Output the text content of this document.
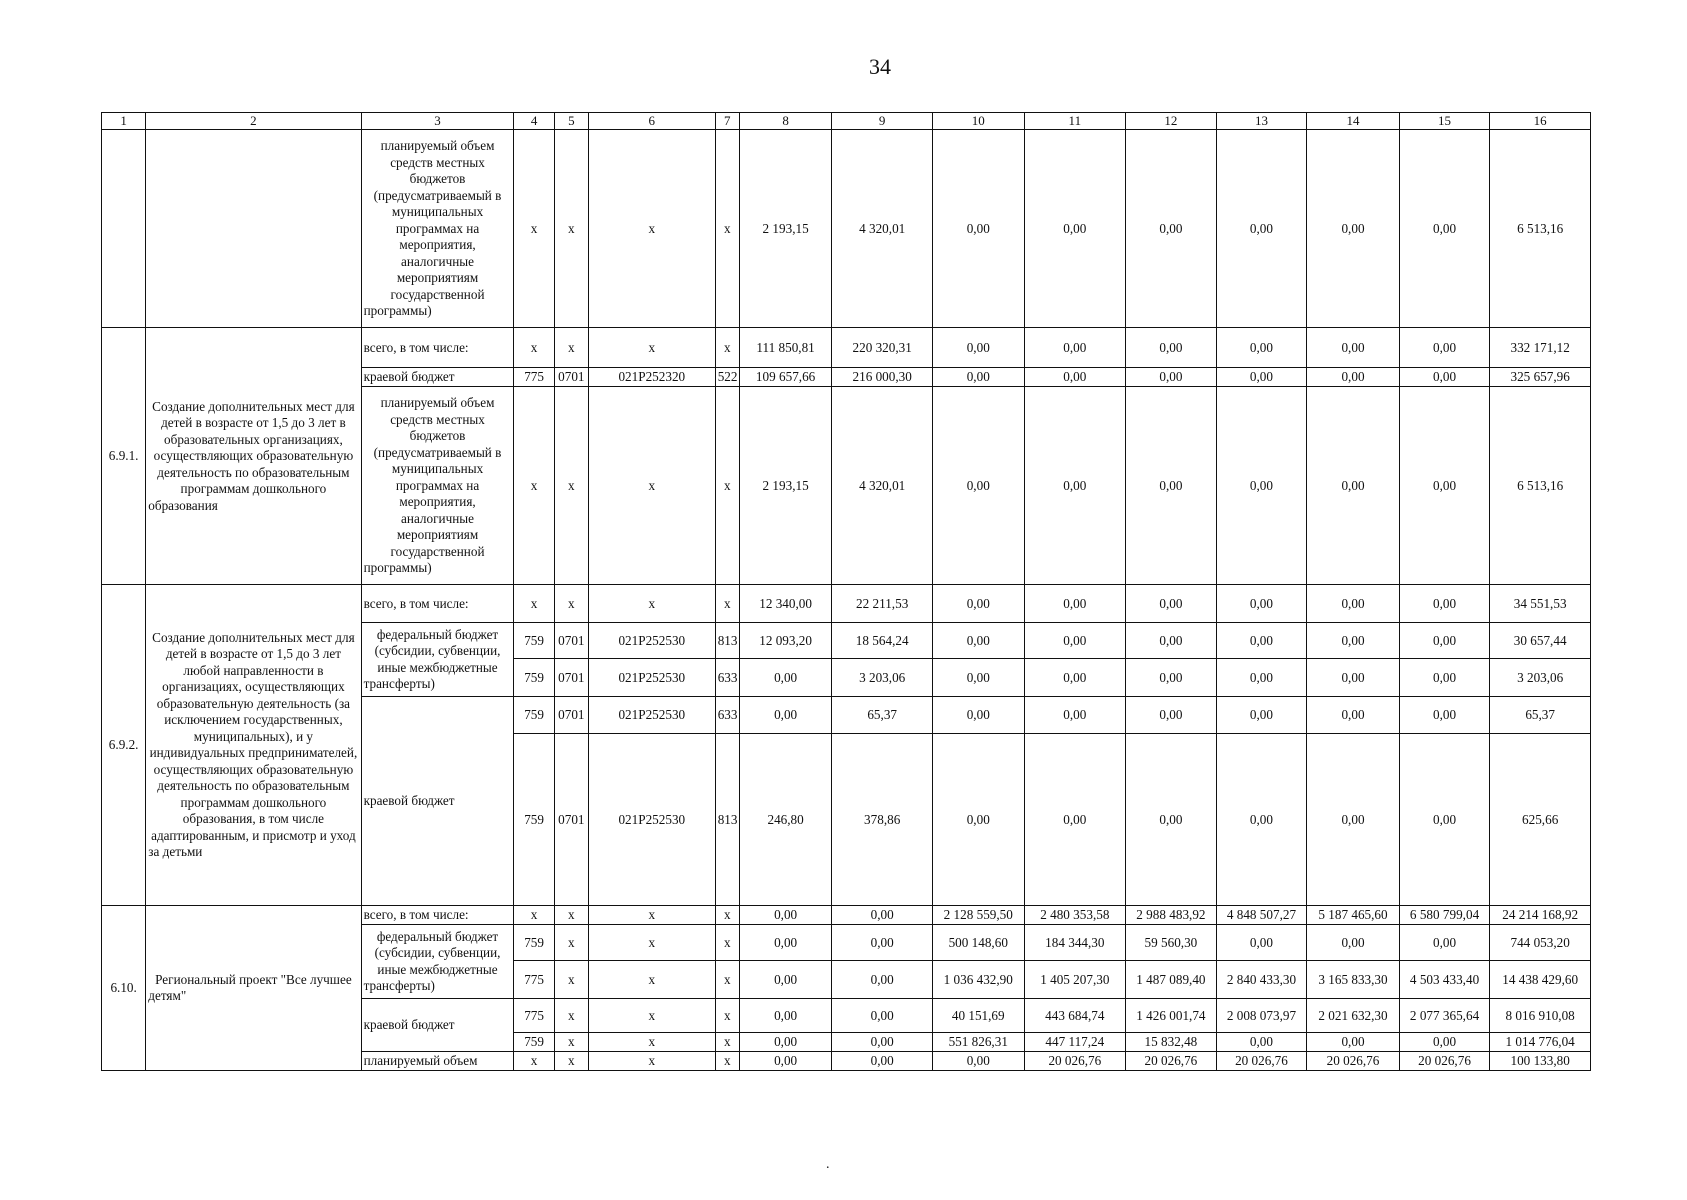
34
1	2	3	4	5	6	7	8	9	10	11	12	13	14	15	16
		планируемый объем средств местных бюджетов (предусматриваемый в муниципальных программах на мероприятия, аналогичные мероприятиям государственной программы)	x	x	x	x	2 193,15	4 320,01	0,00	0,00	0,00	0,00	0,00	0,00	6 513,16
6.9.1.	Создание дополнительных мест для детей в возрасте от 1,5 до 3 лет в образовательных организациях, осуществляющих образовательную деятельность по образовательным программам дошкольного образования	всего, в том числе:	x	x	x	x	111 850,81	220 320,31	0,00	0,00	0,00	0,00	0,00	0,00	332 171,12
		краевой бюджет	775	0701	021P252320	522	109 657,66	216 000,30	0,00	0,00	0,00	0,00	0,00	0,00	325 657,96
		планируемый объем средств местных бюджетов (предусматриваемый в муниципальных программах на мероприятия, аналогичные мероприятиям государственной программы)	x	x	x	x	2 193,15	4 320,01	0,00	0,00	0,00	0,00	0,00	0,00	6 513,16
6.9.2.	Создание дополнительных мест для детей в возрасте от 1,5 до 3 лет любой направленности в организациях, осуществляющих образовательную деятельность (за исключением государственных, муниципальных), и у индивидуальных предпринимателей, осуществляющих образовательную деятельность по образовательным программам дошкольного образования, в том числе адаптированным, и присмотр и уход за детьми	всего, в том числе:	x	x	x	x	12 340,00	22 211,53	0,00	0,00	0,00	0,00	0,00	0,00	34 551,53
		федеральный бюджет (субсидии, субвенции, иные межбюджетные трансферты)	759	0701	021P252530	813	12 093,20	18 564,24	0,00	0,00	0,00	0,00	0,00	0,00	30 657,44
			759	0701	021P252530	633	0,00	3 203,06	0,00	0,00	0,00	0,00	0,00	0,00	3 203,06
		краевой бюджет	759	0701	021P252530	633	0,00	65,37	0,00	0,00	0,00	0,00	0,00	0,00	65,37
			759	0701	021P252530	813	246,80	378,86	0,00	0,00	0,00	0,00	0,00	0,00	625,66
6.10.	Региональный проект "Все лучшее детям"	всего, в том числе:	x	x	x	x	0,00	0,00	2 128 559,50	2 480 353,58	2 988 483,92	4 848 507,27	5 187 465,60	6 580 799,04	24 214 168,92
		федеральный бюджет (субсидии, субвенции, иные межбюджетные трансферты)	759	x	x	x	0,00	0,00	500 148,60	184 344,30	59 560,30	0,00	0,00	0,00	744 053,20
			775	x	x	x	0,00	0,00	1 036 432,90	1 405 207,30	1 487 089,40	2 840 433,30	3 165 833,30	4 503 433,40	14 438 429,60
		краевой бюджет	775	x	x	x	0,00	0,00	40 151,69	443 684,74	1 426 001,74	2 008 073,97	2 021 632,30	2 077 365,64	8 016 910,08
			759	x	x	x	0,00	0,00	551 826,31	447 117,24	15 832,48	0,00	0,00	0,00	1 014 776,04
		планируемый объем	x	x	x	x	0,00	0,00	0,00	20 026,76	20 026,76	20 026,76	20 026,76	20 026,76	100 133,80
.
